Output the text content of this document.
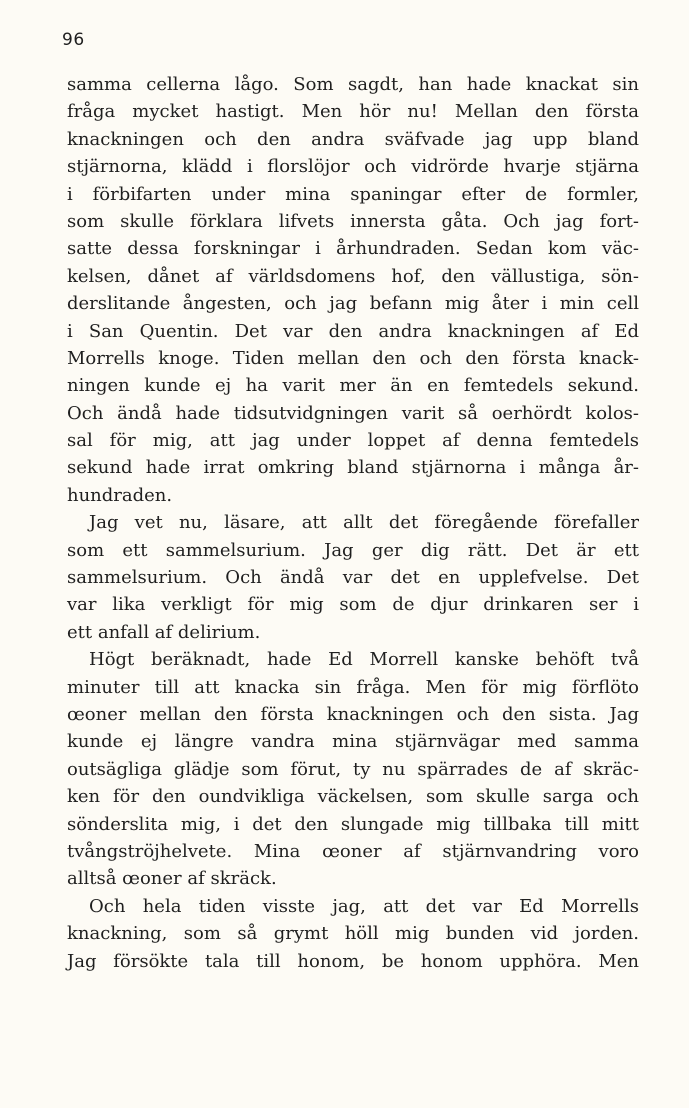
96
samma cellerna lågo. Som sagdt, han hade knackat sin
fråga mycket hastigt. Men hör nu! Mellan den första
knackningen och den andra sväfvade jag upp bland
stjärnorna, klädd i florslöjor och vidrörde hvarje stjärna
i förbifarten under mina spaningar efter de formler,
som skulle förklara lifvets innersta gåta. Och jag fort-
satte dessa forskningar i århundraden. Sedan kom väc-
kelsen, dånet af världsdomens hof, den vällustiga, sön-
derslitande ångesten, och jag befann mig åter i min cell
i San Quentin. Det var den andra knackningen af Ed
Morrells knoge. Tiden mellan den och den första knack-
ningen kunde ej ha varit mer än en femtedels sekund.
Och ändå hade tidsutvidgningen varit så oerhördt kolos-
sal för mig, att jag under loppet af denna femtedels
sekund hade irrat omkring bland stjärnorna i många år-
hundraden.
Jag vet nu, läsare, att allt det föregående förefaller
som ett sammelsurium. Jag ger dig rätt. Det är ett
sammelsurium. Och ändå var det en upplefvelse. Det
var lika verkligt för mig som de djur drinkaren ser i
ett anfall af delirium.
Högt beräknadt, hade Ed Morrell kanske behöft två
minuter till att knacka sin fråga. Men för mig förflöto
œoner mellan den första knackningen och den sista. Jag
kunde ej längre vandra mina stjärnvägar med samma
outsägliga glädje som förut, ty nu spärrades de af skräc-
ken för den oundvikliga väckelsen, som skulle sarga och
sönderslita mig, i det den slungade mig tillbaka till mitt
tvångströjhelvete. Mina œoner af stjärnvandring voro
alltså œoner af skräck.
Och hela tiden visste jag, att det var Ed Morrells
knackning, som så grymt höll mig bunden vid jorden.
Jag försökte tala till honom, be honom upphöra. Men
